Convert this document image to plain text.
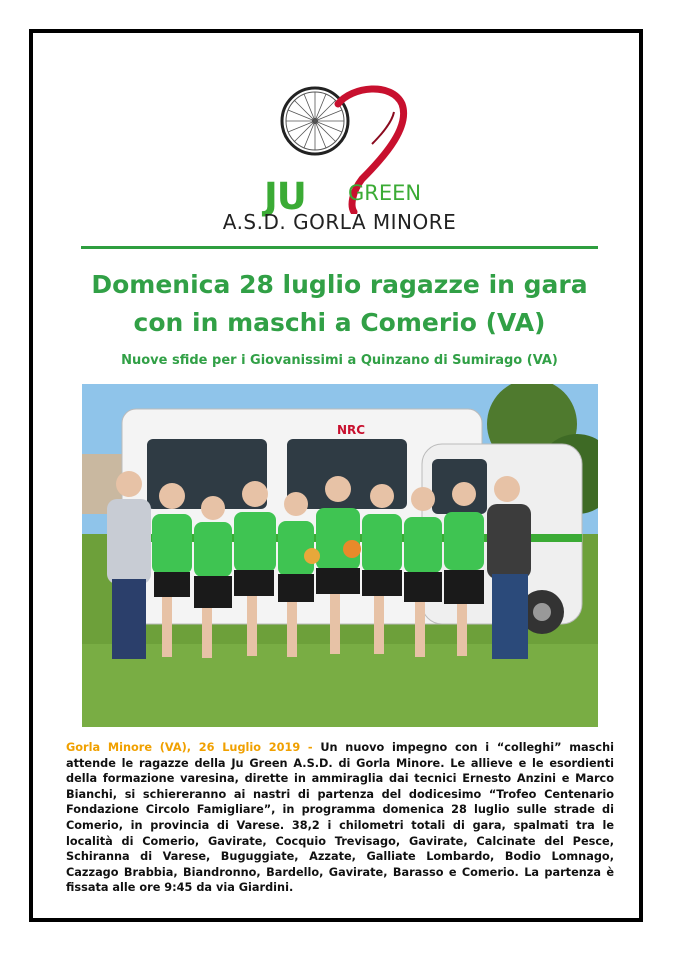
JU GREEN
A.S.D. GORLA MINORE
Domenica 28 luglio ragazze in gara
con in maschi a Comerio (VA)
Nuove sfide per i Giovanissimi a Quinzano di Sumirago (VA)
NRC

Gorla Minore (VA), 26 Luglio 2019 - Un nuovo impegno con i “colleghi” maschi attende le ragazze della Ju Green A.S.D. di Gorla Minore. Le allieve e le esordienti della formazione varesina, dirette in ammiraglia dai tecnici Ernesto Anzini e Marco Bianchi, si schiereranno ai nastri di partenza del dodicesimo “Trofeo Centenario Fondazione Circolo Famigliare”, in programma domenica 28 luglio sulle strade di Comerio, in provincia di Varese. 38,2 i chilometri totali di gara, spalmati tra le località di Comerio, Gavirate, Cocquio Trevisago, Gavirate, Calcinate del Pesce, Schiranna di Varese, Buguggiate, Azzate, Galliate Lombardo, Bodio Lomnago, Cazzago Brabbia, Biandronno, Bardello, Gavirate, Barasso e Comerio. La partenza è fissata alle ore 9:45 da via Giardini.
